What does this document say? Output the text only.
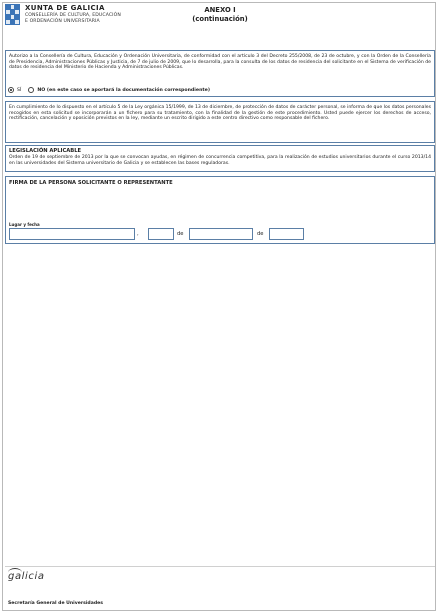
XUNTA DE GALICIA
CONSELLERÍA DE CULTURA, EDUCACIÓN
E ORDENACIÓN UNIVERSITARIA
ANEXO I
(continuación)
Autorizo a la Consellería de Cultura, Educación y Ordenación Universitaria, de conformidad con el artículo 3 del Decreto 255/2008, de 23 de octubre, y con la Orden de la Consellería de Presidencia, Administraciones Públicas y Justicia, de 7 de julio de 2009, que lo desarrolla, para la consulta de los datos de residencia del solicitante en el Sistema de verificación de datos de residencia del Ministerio de Hacienda y Administraciones Públicas.
SÍ	NO (en este caso se aportará la documentación correspondiente)
En cumplimiento de lo dispuesto en el artículo 5 de la Ley orgánica 15/1999, de 13 de diciembre, de protección de datos de carácter personal, se informa de que los datos personales recogidos en esta solicitud se incorporarán a un fichero para su tratamiento, con la finalidad de la gestión de este procedimiento. Usted puede ejercer los derechos de acceso, rectificación, cancelación y oposición previstos en la ley, mediante un escrito dirigido a este centro directivo como responsable del fichero.
LEGISLACIÓN APLICABLE
Orden de 19 de septiembre de 2013 por la que se convocan ayudas, en régimen de concurrencia competitiva, para la realización de estudios universitarios durante el curso 2013/14 en las universidades del Sistema universitario de Galicia y se establecen las bases reguladoras.
FIRMA DE LA PERSONA SOLICITANTE O REPRESENTANTE
Lugar y fecha
,	de	de
galicia
Secretaría General de Universidades
